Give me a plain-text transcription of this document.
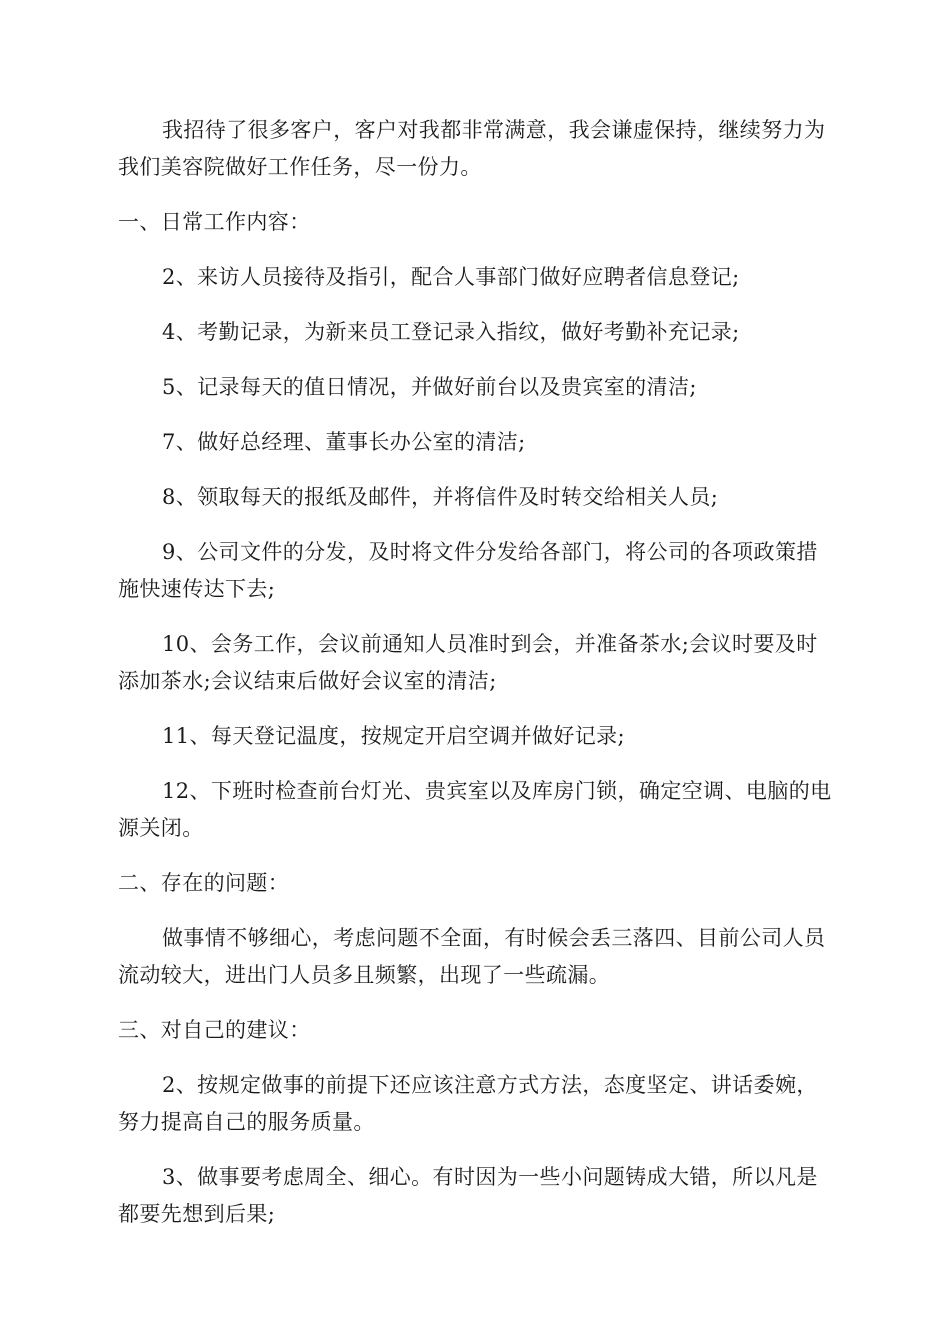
我招待了很多客户，客户对我都非常满意，我会谦虚保持，继续努力为我们美容院做好工作任务，尽一份力。

一、日常工作内容：

2、来访人员接待及指引，配合人事部门做好应聘者信息登记;

4、考勤记录，为新来员工登记录入指纹，做好考勤补充记录;

5、记录每天的值日情况，并做好前台以及贵宾室的清洁;

7、做好总经理、董事长办公室的清洁;

8、领取每天的报纸及邮件，并将信件及时转交给相关人员;

9、公司文件的分发，及时将文件分发给各部门，将公司的各项政策措施快速传达下去;

10、会务工作，会议前通知人员准时到会，并准备茶水;会议时要及时添加茶水;会议结束后做好会议室的清洁;

11、每天登记温度，按规定开启空调并做好记录;

12、下班时检查前台灯光、贵宾室以及库房门锁，确定空调、电脑的电源关闭。

二、存在的问题：

做事情不够细心，考虑问题不全面，有时候会丢三落四、目前公司人员流动较大，进出门人员多且频繁，出现了一些疏漏。

三、对自己的建议：

2、按规定做事的前提下还应该注意方式方法，态度坚定、讲话委婉，努力提高自己的服务质量。

3、做事要考虑周全、细心。有时因为一些小问题铸成大错，所以凡是都要先想到后果;
